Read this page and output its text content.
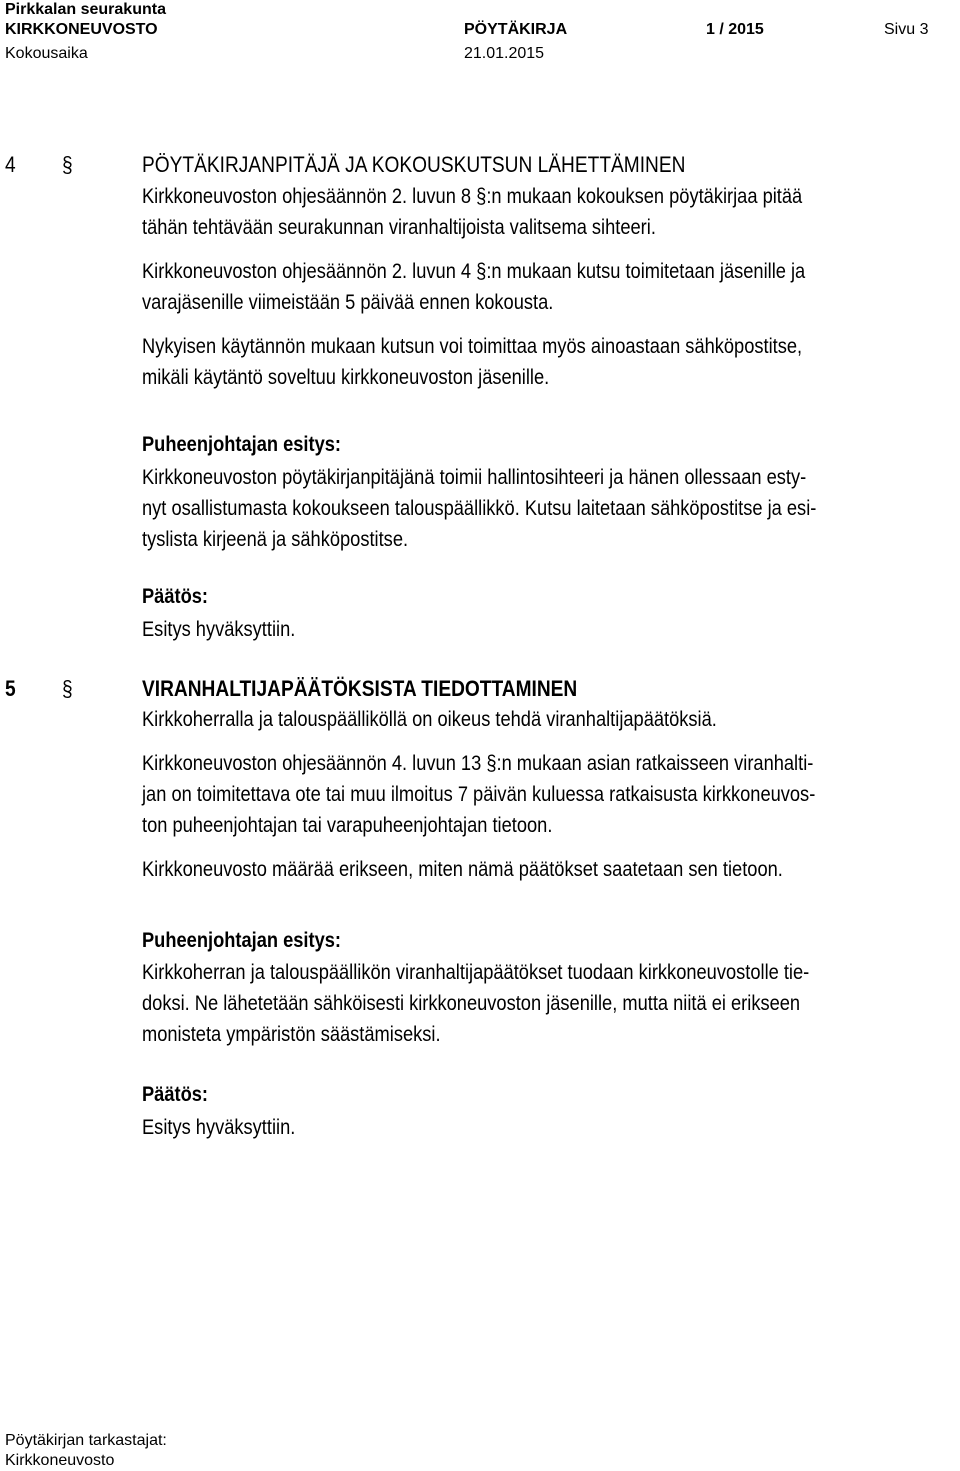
Pirkkalan seurakunta
KIRKKONEUVOSTO	PÖYTÄKIRJA	1 / 2015	Sivu 3
Kokousaika	21.01.2015
4 §	PÖYTÄKIRJANPITÄJÄ JA KOKOUSKUTSUN LÄHETTÄMINEN
Kirkkoneuvoston ohjesäännön 2. luvun 8 §:n mukaan kokouksen pöytäkirjaa pitää
tähän tehtävään seurakunnan viranhaltijoista valitsema sihteeri.
Kirkkoneuvoston ohjesäännön 2. luvun 4 §:n mukaan kutsu toimitetaan jäsenille ja
varajäsenille viimeistään 5 päivää ennen kokousta.
Nykyisen käytännön mukaan kutsun voi toimittaa myös ainoastaan sähköpostitse,
mikäli käytäntö soveltuu kirkkoneuvoston jäsenille.
Puheenjohtajan esitys:
Kirkkoneuvoston pöytäkirjanpitäjänä toimii hallintosihteeri ja hänen ollessaan esty-
nyt osallistumasta kokoukseen talouspäällikkö. Kutsu laitetaan sähköpostitse ja esi-
tyslista kirjeenä ja sähköpostitse.
Päätös:
Esitys hyväksyttiin.
5 §	VIRANHALTIJAPÄÄTÖKSISTA TIEDOTTAMINEN
Kirkkoherralla ja talouspäälliköllä on oikeus tehdä viranhaltijapäätöksiä.
Kirkkoneuvoston ohjesäännön 4. luvun 13 §:n mukaan asian ratkaisseen viranhalti-
jan on toimitettava ote tai muu ilmoitus 7 päivän kuluessa ratkaisusta kirkkoneuvos-
ton puheenjohtajan tai varapuheenjohtajan tietoon.
Kirkkoneuvosto määrää erikseen, miten nämä päätökset saatetaan sen tietoon.
Puheenjohtajan esitys:
Kirkkoherran ja talouspäällikön viranhaltijapäätökset tuodaan kirkkoneuvostolle tie-
doksi. Ne lähetetään sähköisesti kirkkoneuvoston jäsenille, mutta niitä ei erikseen
monisteta ympäristön säästämiseksi.
Päätös:
Esitys hyväksyttiin.
Pöytäkirjan tarkastajat:
Kirkkoneuvosto
